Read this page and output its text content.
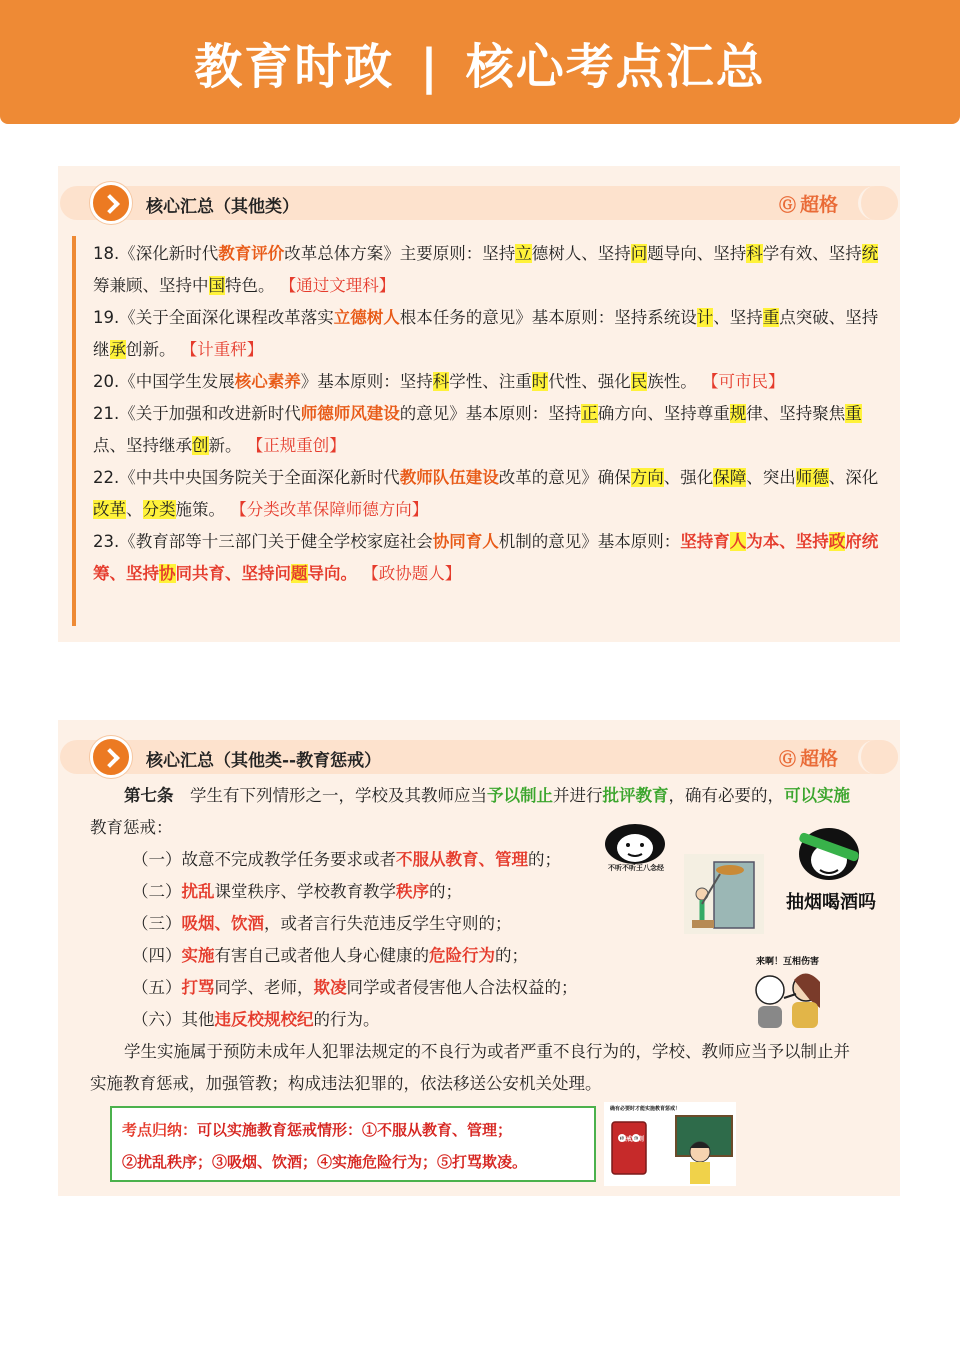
教育时政 | 核心考点汇总
核心汇总（其他类）	Ⓖ 超格
18.《深化新时代教育评价改革总体方案》主要原则：坚持立德树人、坚持问题导向、坚持科学有效、坚持统筹兼顾、坚持中国特色。 【通过文理科】
19.《关于全面深化课程改革落实立德树人根本任务的意见》基本原则：坚持系统设计、坚持重点突破、坚持继承创新。 【计重秤】
20.《中国学生发展核心素养》基本原则：坚持科学性、注重时代性、强化民族性。 【可市民】
21.《关于加强和改进新时代师德师风建设的意见》基本原则：坚持正确方向、坚持尊重规律、坚持聚焦重点、坚持继承创新。 【正规重创】
22.《中共中央国务院关于全面深化新时代教师队伍建设改革的意见》确保方向、强化保障、突出师德、深化改革、分类施策。 【分类改革保障师德方向】
23.《教育部等十三部门关于健全学校家庭社会协同育人机制的意见》基本原则：坚持育人为本、坚持政府统筹、坚持协同共育、坚持问题导向。 【政协题人】
核心汇总（其他类--教育惩戒）	Ⓖ 超格
第七条　 学生有下列情形之一，学校及其教师应当予以制止并进行批评教育，确有必要的，可以实施教育惩戒：
（一）故意不完成教学任务要求或者不服从教育、管理的；
（二）扰乱课堂秩序、学校教育教学秩序的；
（三）吸烟、饮酒，或者言行失范违反学生守则的；
（四）实施有害自己或者他人身心健康的危险行为的；
（五）打骂同学、老师，欺凌同学或者侵害他人合法权益的；
（六）其他违反校规校纪的行为。
学生实施属于预防未成年人犯罪法规定的不良行为或者严重不良行为的，学校、教师应当予以制止并实施教育惩戒，加强管教；构成违法犯罪的，依法移送公安机关处理。
不听不听王八念经
抽烟喝酒吗
来啊！互相伤害
考点归纳：可以实施教育惩戒情形：①不服从教育、管理；
②扰乱秩序；③吸烟、饮酒；④实施危险行为；⑤打骂欺凌。
确有必要时才能实施教育惩戒！
惩戒规则
